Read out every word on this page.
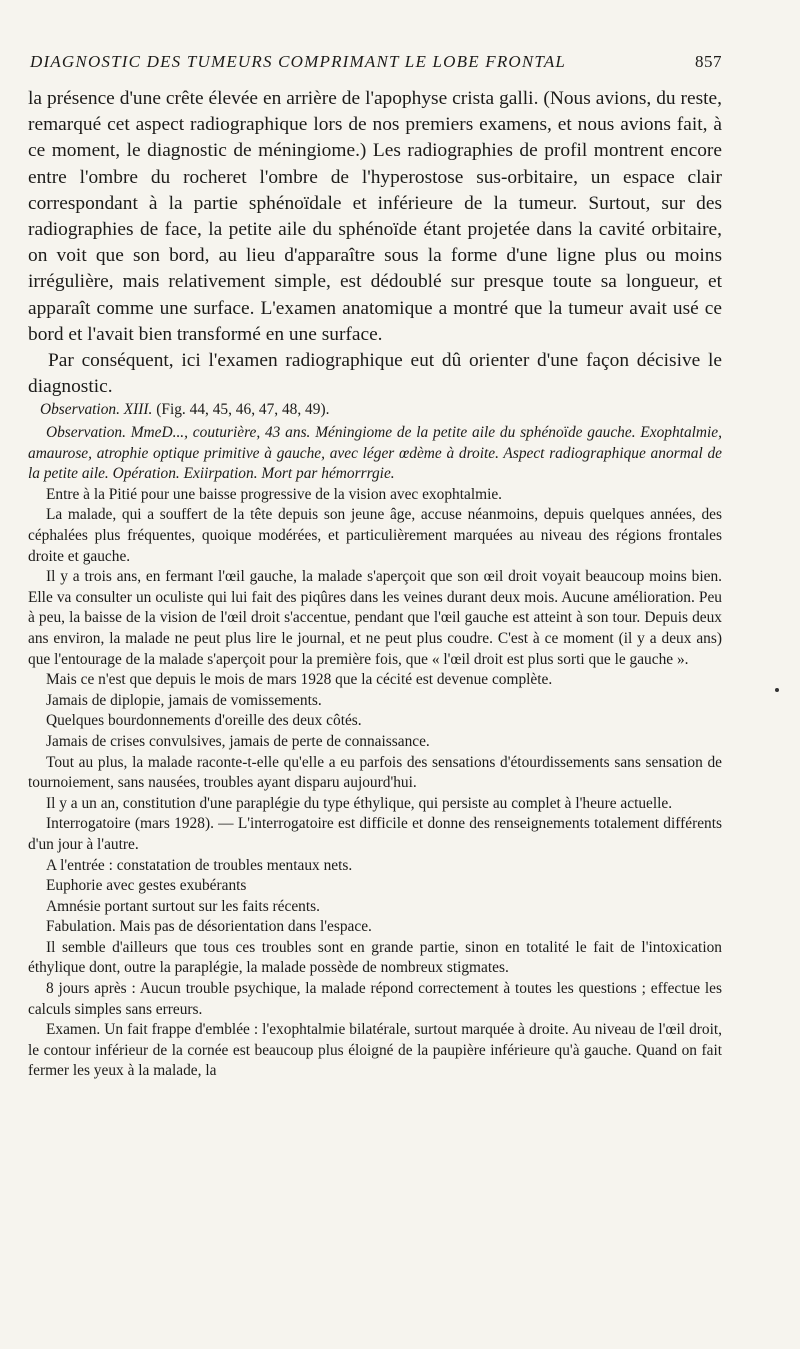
DIAGNOSTIC DES TUMEURS COMPRIMANT LE LOBE FRONTAL	857

la présence d'une crête élevée en arrière de l'apophyse crista galli. (Nous avions, du reste, remarqué cet aspect radiographique lors de nos premiers examens, et nous avions fait, à ce moment, le diagnostic de méningiome.) Les radiographies de profil montrent encore entre l'ombre du rocheret l'ombre de l'hyperostose sus-orbitaire, un espace clair correspondant à la partie sphénoïdale et inférieure de la tumeur. Surtout, sur des radiographies de face, la petite aile du sphénoïde étant projetée dans la cavité orbitaire, on voit que son bord, au lieu d'apparaître sous la forme d'une ligne plus ou moins irrégulière, mais relativement simple, est dédoublé sur presque toute sa longueur, et apparaît comme une surface. L'examen anatomique a montré que la tumeur avait usé ce bord et l'avait bien transformé en une surface.

Par conséquent, ici l'examen radiographique eut dû orienter d'une façon décisive le diagnostic.

Observation. XIII. (Fig. 44, 45, 46, 47, 48, 49).

Observation. MmeD..., couturière, 43 ans. Méningiome de la petite aile du sphénoïde gauche. Exophtalmie, amaurose, atrophie optique primitive à gauche, avec léger œdème à droite. Aspect radiographique anormal de la petite aile. Opération. Exiirpation. Mort par hémorrrgie.

Entre à la Pitié pour une baisse progressive de la vision avec exophtalmie.

La malade, qui a souffert de la tête depuis son jeune âge, accuse néanmoins, depuis quelques années, des céphalées plus fréquentes, quoique modérées, et particulièrement marquées au niveau des régions frontales droite et gauche.

Il y a trois ans, en fermant l'œil gauche, la malade s'aperçoit que son œil droit voyait beaucoup moins bien. Elle va consulter un oculiste qui lui fait des piqûres dans les veines durant deux mois. Aucune amélioration. Peu à peu, la baisse de la vision de l'œil droit s'accentue, pendant que l'œil gauche est atteint à son tour. Depuis deux ans environ, la malade ne peut plus lire le journal, et ne peut plus coudre. C'est à ce moment (il y a deux ans) que l'entourage de la malade s'aperçoit pour la première fois, que « l'œil droit est plus sorti que le gauche ».

Mais ce n'est que depuis le mois de mars 1928 que la cécité est devenue complète.

Jamais de diplopie, jamais de vomissements.

Quelques bourdonnements d'oreille des deux côtés.

Jamais de crises convulsives, jamais de perte de connaissance.

Tout au plus, la malade raconte-t-elle qu'elle a eu parfois des sensations d'étourdissements sans sensation de tournoiement, sans nausées, troubles ayant disparu aujourd'hui.

Il y a un an, constitution d'une paraplégie du type éthylique, qui persiste au complet à l'heure actuelle.

Interrogatoire (mars 1928). — L'interrogatoire est difficile et donne des renseignements totalement différents d'un jour à l'autre.

A l'entrée : constatation de troubles mentaux nets.

Euphorie avec gestes exubérants

Amnésie portant surtout sur les faits récents.

Fabulation. Mais pas de désorientation dans l'espace.

Il semble d'ailleurs que tous ces troubles sont en grande partie, sinon en totalité le fait de l'intoxication éthylique dont, outre la paraplégie, la malade possède de nombreux stigmates.

8 jours après : Aucun trouble psychique, la malade répond correctement à toutes les questions ; effectue les calculs simples sans erreurs.

Examen. Un fait frappe d'emblée : l'exophtalmie bilatérale, surtout marquée à droite. Au niveau de l'œil droit, le contour inférieur de la cornée est beaucoup plus éloigné de la paupière inférieure qu'à gauche. Quand on fait fermer les yeux à la malade, la
